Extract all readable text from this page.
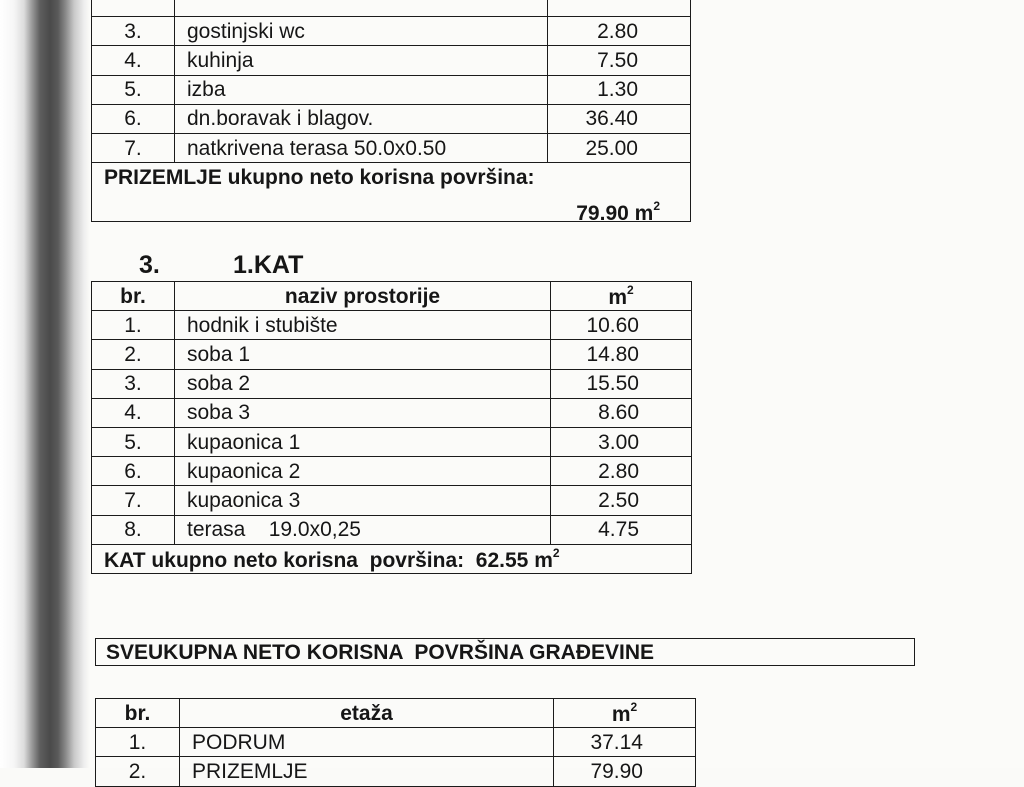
3.	gostinjski wc	2.80
4.	kuhinja	7.50
5.	izba	1.30
6.	dn.boravak i blagov.	36.40
7.	natkrivena terasa 50.0x0.50	25.00

PRIZEMLJE ukupno neto korisna površina:
79.90 $m^2$
3.	1.KAT
br.	naziv prostorije	$m^2$
1.	hodnik i stubište	10.60
2.	soba 1	14.80
3.	soba 2	15.50
4.	soba 3	8.60
5.	kupaonica 1	3.00
6.	kupaonica 2	2.80
7.	kupaonica 3	2.50
8.	terasa    19.0x0,25	4.75
KAT ukupno neto korisna  površina:  62.55 $m^2$
SVEUKUPNA NETO KORISNA  POVRŠINA GRAĐEVINE
br.	etaža	$m^2$
1.	PODRUM	37.14
2.	PRIZEMLJE	79.90
